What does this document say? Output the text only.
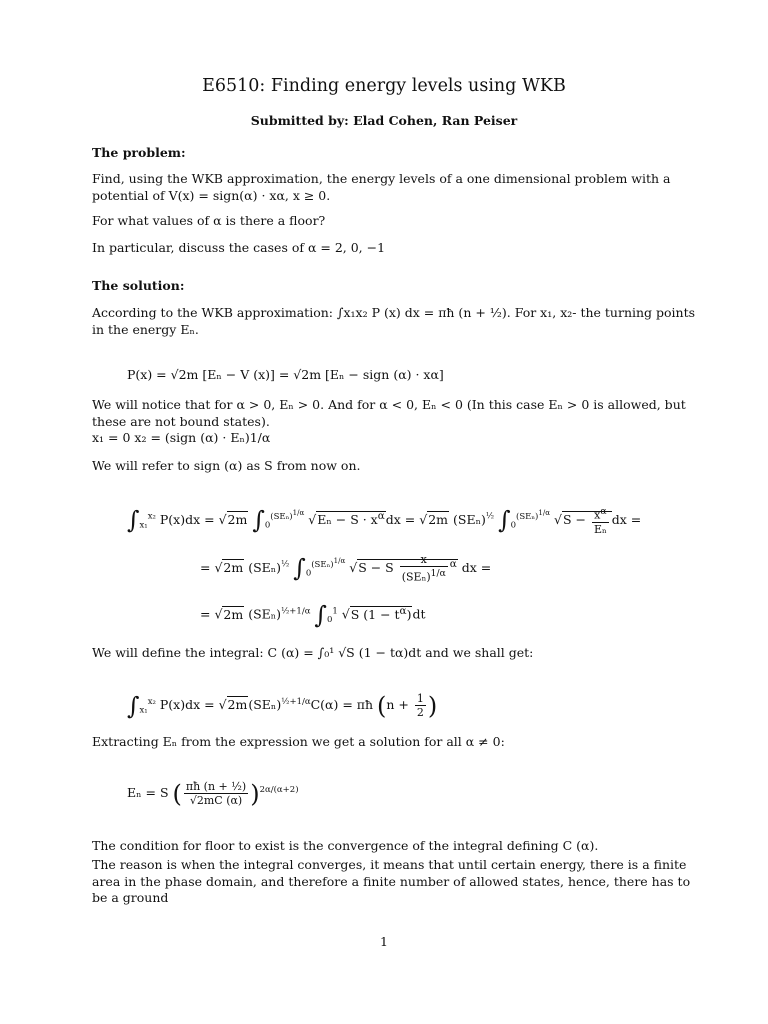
E6510: Finding energy levels using WKB
Submitted by: Elad Cohen, Ran Peiser
The problem:
Find, using the WKB approximation, the energy levels of a one dimensional problem with a potential of V(x) = sign(α) · xα, x ≥ 0.
For what values of α is there a floor?
In particular, discuss the cases of α = 2, 0, −1
The solution:
According to the WKB approximation: ∫x₁x₂ P (x) dx = πħ (n + ½). For x₁, x₂- the turning points in the energy Eₙ.
P(x) = √2m [Eₙ − V (x)] = √2m [Eₙ − sign (α) · xα]
We will notice that for α > 0, Eₙ > 0. And for α < 0, Eₙ < 0 (In this case Eₙ > 0 is allowed, but these are not bound states).
x₁ = 0 x₂ = (sign (α) · Eₙ)1/α
We will refer to sign (α) as S from now on.
$\int_{x_1}^{x_2}$ P(x)dx = √2m $\int_0^{(SE_n)^{1/\alpha}}$ $√E_n - S \cdot x^\alpha dx = √2m$ $(SE_n)^{\frac{1}{2}}$ $\int_0^{(SE_n)^{1/\alpha}}$ $√S - \frac{x^\alpha}{\text{Eₙ}}$ dx =
= √2m $(SE_n)^{\frac{1}{2}}$ $\int_0^{(SE_n)^{1/\alpha}}$ √S − S $\frac{x}{(SE_n)^{1/\alpha}} ^\alpha$ dx =
= √2m $(SE_n)^{\frac{1}{2}+1/\alpha}$ $\int_0^1$ √S $(1 - t^\alpha)dt$
We will define the integral: C (α) = ∫₀¹ √S (1 − tα)dt and we shall get:
$\int_{x_1}^{x_2}$ $P(x)dx = √2m(SE_n)^{\frac{1}{2}+1/\alpha}C(\alpha)$ = πħ ($n + \frac{1}{2}$ )
Extracting Eₙ from the expression we get a solution for all α ≠ 0:
Eₙ = S ( $\frac{\text{πħ (n + ½)}}{√2mC (\alpha)} )^{2\alpha/(\alpha+2)}$
The condition for floor to exist is the convergence of the integral defining C (α).
The reason is when the integral converges, it means that until certain energy, there is a finite area in the phase domain, and therefore a finite number of allowed states, hence, there has to be a ground
1
